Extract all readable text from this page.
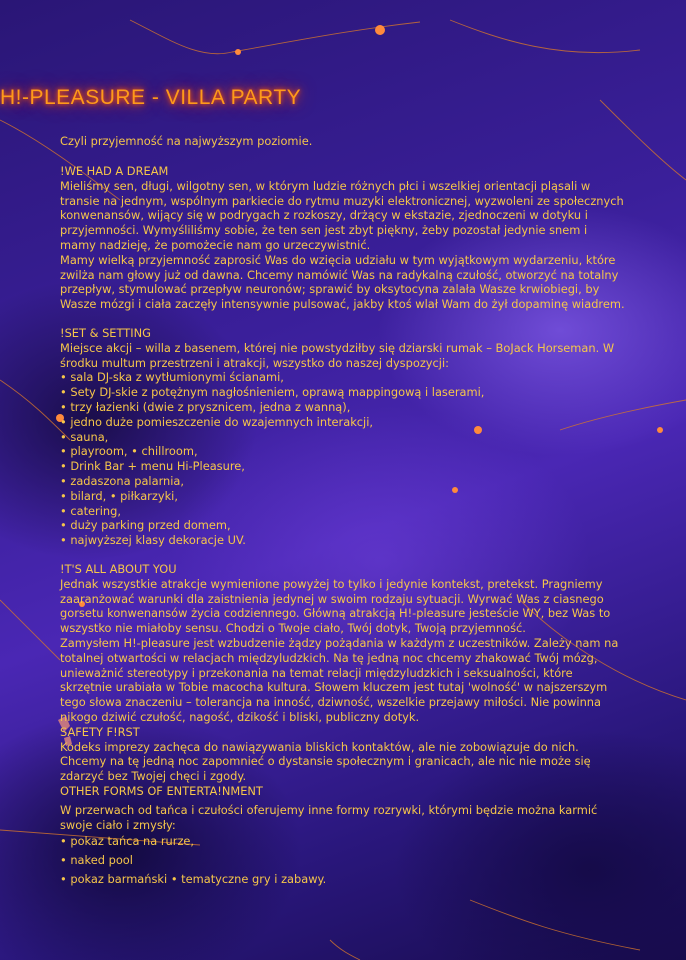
H!-PLEASURE - VILLA PARTY

Czyli przyjemność na najwyższym poziomie.

!WE HAD A DREAM

Mieliśmy sen, długi, wilgotny sen, w którym ludzie różnych płci i wszelkiej orientacji pląsali w transie na jednym, wspólnym parkiecie do rytmu muzyki elektronicznej, wyzwoleni ze społecznych konwenansów, wijący się w podrygach z rozkoszy, drżący w ekstazie, zjednoczeni w dotyku i przyjemności. Wymyśliliśmy sobie, że ten sen jest zbyt piękny, żeby pozostał jedynie snem i mamy nadzieję, że pomożecie nam go urzeczywistnić.

Mamy wielką przyjemność zaprosić Was do wzięcia udziału w tym wyjątkowym wydarzeniu, które zwilża nam głowy już od dawna. Chcemy namówić Was na radykalną czułość, otworzyć na totalny przepływ, stymulować przepływ neuronów; sprawić by oksytocyna zalała Wasze krwiobiegi, by Wasze mózgi i ciała zaczęły intensywnie pulsować, jakby ktoś wlał Wam do żył dopaminę wiadrem.

!SET & SETTING

Miejsce akcji – willa z basenem, której nie powstydziłby się dziarski rumak – BoJack Horseman. W środku multum przestrzeni i atrakcji, wszystko do naszej dyspozycji:

• sala DJ-ska z wytłumionymi ścianami,
• Sety DJ-skie z potężnym nagłośnieniem, oprawą mappingową i laserami,
• trzy łazienki (dwie z prysznicem, jedna z wanną),
• jedno duże pomieszczenie do wzajemnych interakcji,
• sauna,
• playroom, • chillroom,
• Drink Bar + menu Hi-Pleasure,
• zadaszona palarnia,
• bilard, • piłkarzyki,
• catering,
• duży parking przed domem,
• najwyższej klasy dekoracje UV.

!T'S ALL ABOUT YOU

Jednak wszystkie atrakcje wymienione powyżej to tylko i jedynie kontekst, pretekst. Pragniemy zaaranżować warunki dla zaistnienia jedynej w swoim rodzaju sytuacji. Wyrwać Was z ciasnego gorsetu konwenansów życia codziennego. Główną atrakcją H!-pleasure jesteście WY, bez Was to wszystko nie miałoby sensu. Chodzi o Twoje ciało, Twój dotyk, Twoją przyjemność.

Zamysłem H!-pleasure jest wzbudzenie żądzy pożądania w każdym z uczestników. Zależy nam na totalnej otwartości w relacjach międzyludzkich. Na tę jedną noc chcemy zhakować Twój mózg, unieważnić stereotypy i przekonania na temat relacji międzyludzkich i seksualności, które skrzętnie urabiała w Tobie macocha kultura. Słowem kluczem jest tutaj 'wolność' w najszerszym tego słowa znaczeniu – tolerancja na inność, dziwność, wszelkie przejawy miłości. Nie powinna nikogo dziwić czułość, nagość, dzikość i bliski, publiczny dotyk.

SAFETY F!RST

Kodeks imprezy zachęca do nawiązywania bliskich kontaktów, ale nie zobowiązuje do nich. Chcemy na tę jedną noc zapomnieć o dystansie społecznym i granicach, ale nic nie może się zdarzyć bez Twojej chęci i zgody.

OTHER FORMS OF ENTERTA!NMENT

W przerwach od tańca i czułości oferujemy inne formy rozrywki, którymi będzie można karmić swoje ciało i zmysły:

• pokaz tańca na rurze,
• naked pool
• pokaz barmański • tematyczne gry i zabawy.
